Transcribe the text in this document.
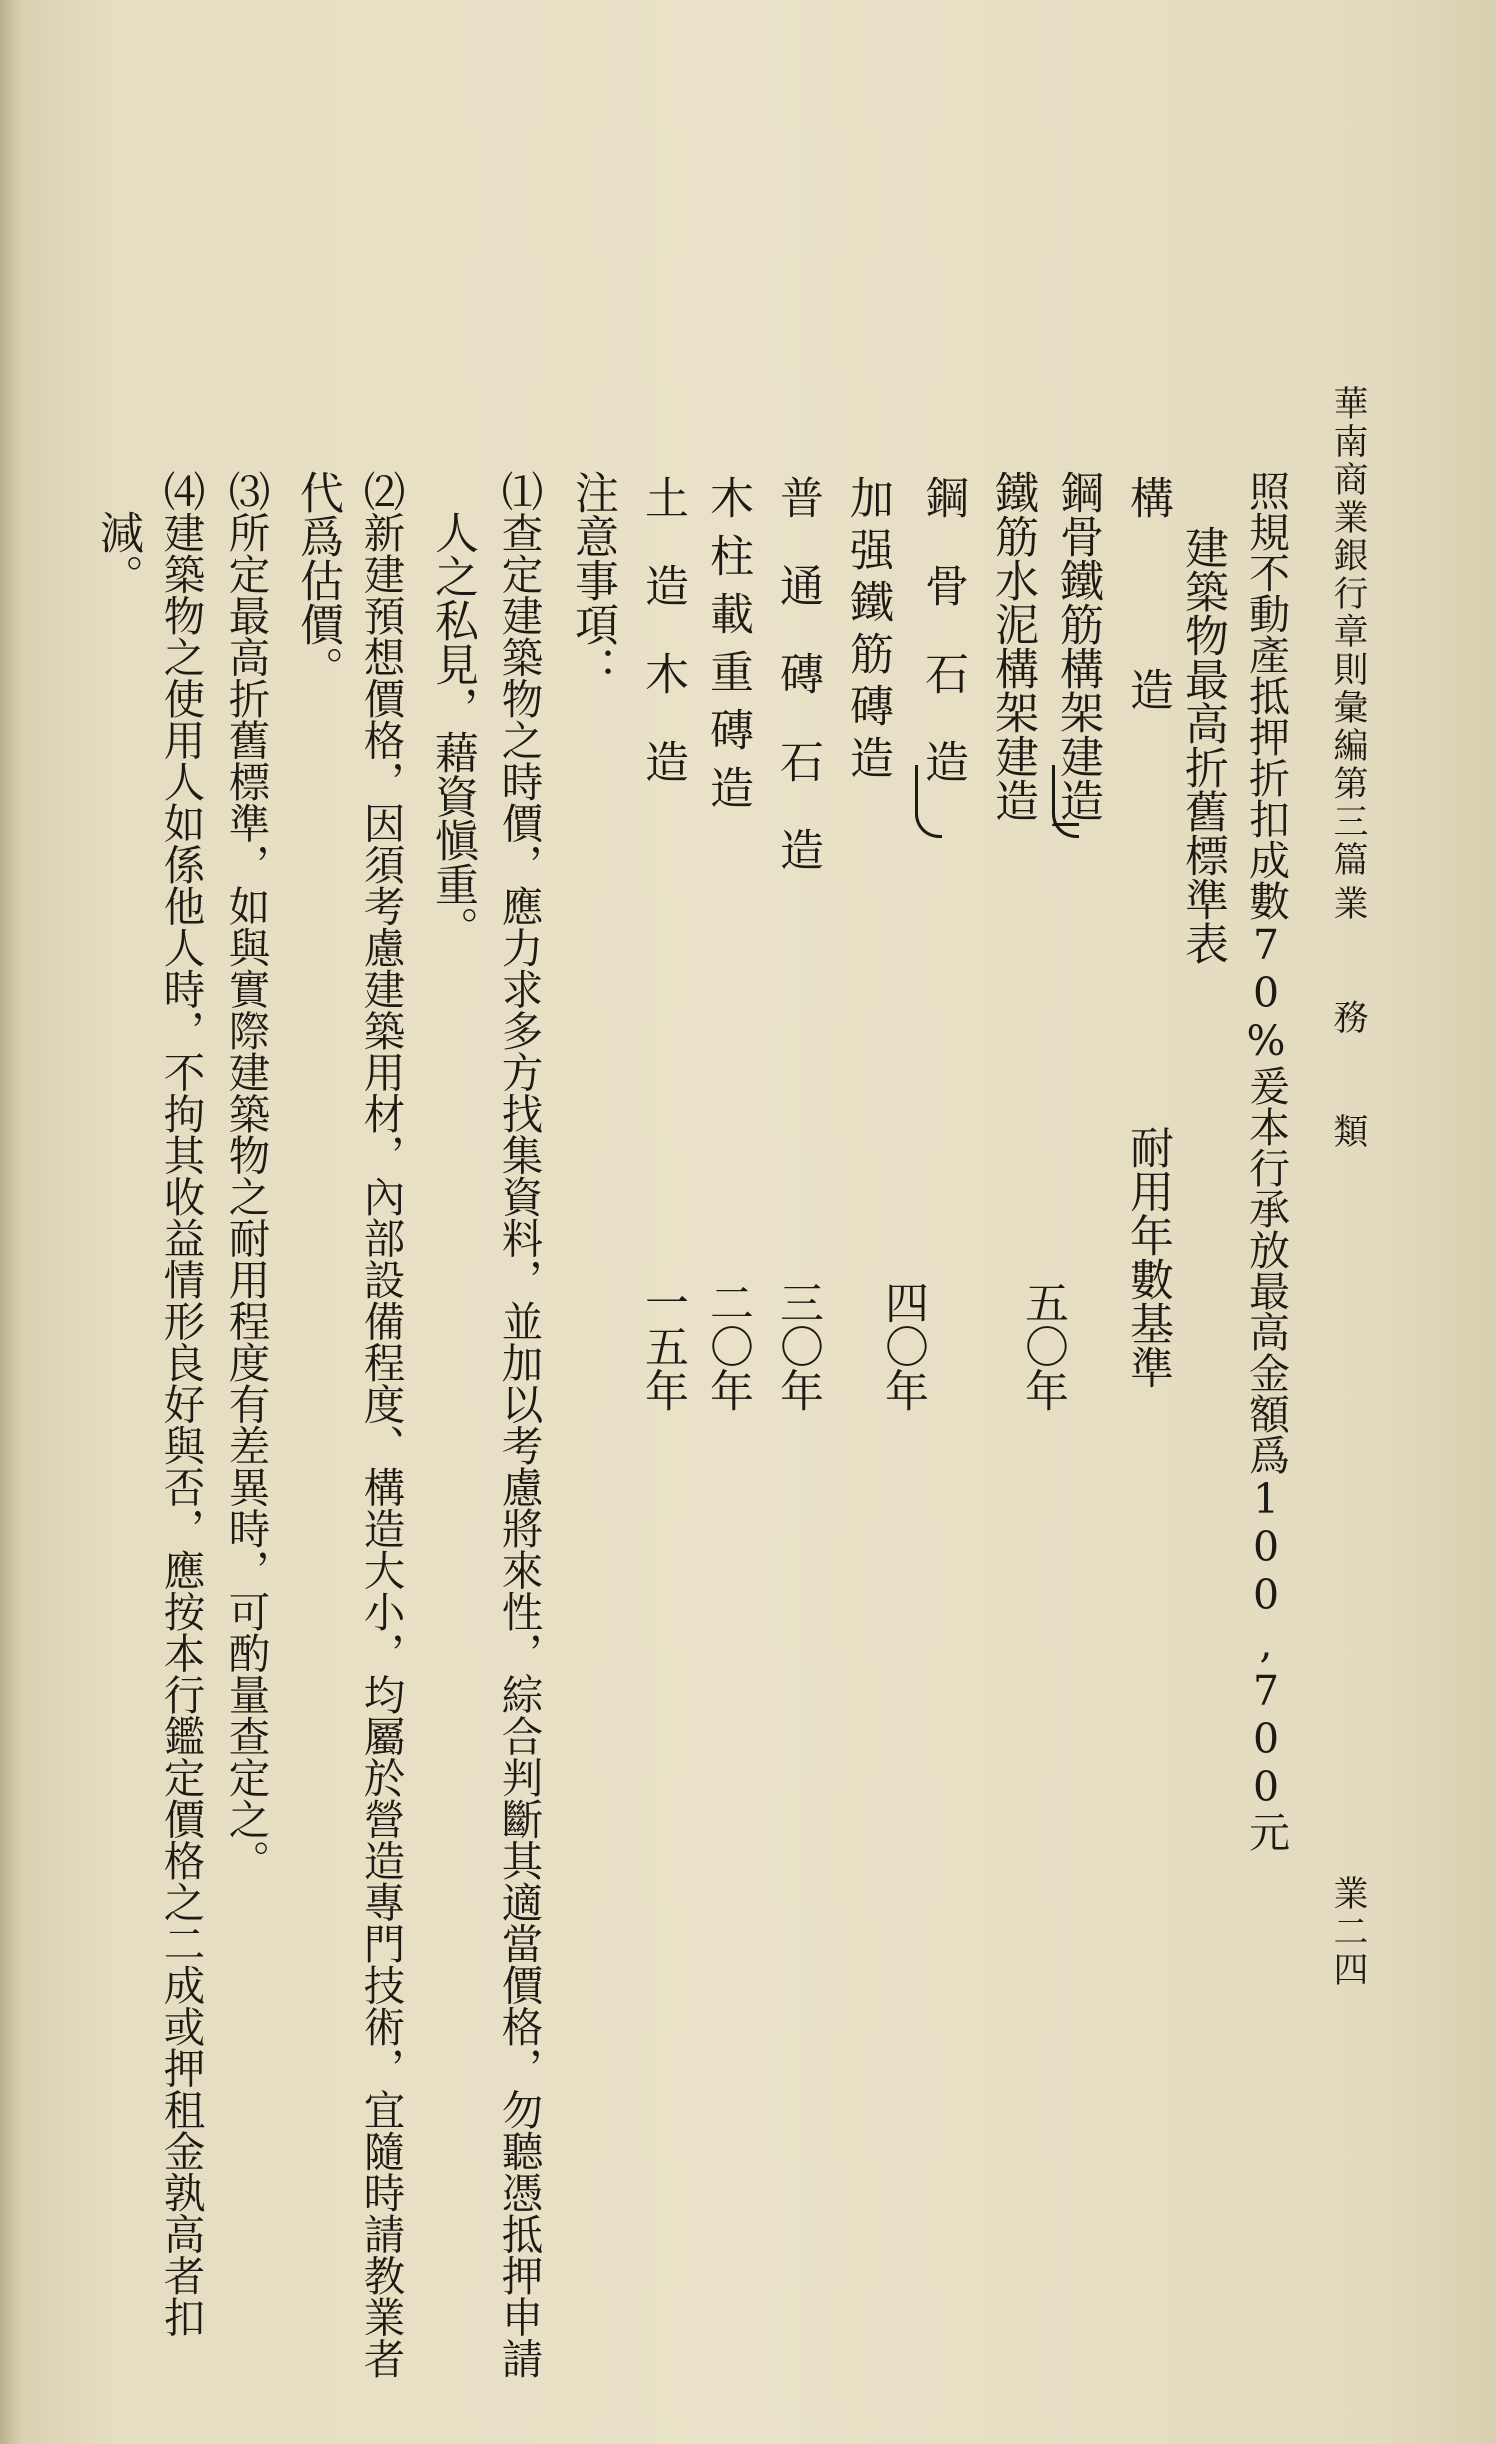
華南商業銀行章則彙編
第三篇
業　　務　　類
業二四
照規不動產抵押折扣成數70%爰本行承放最高金額爲100,700元
建築物最高折舊標準表
構　　造
耐用年數基準
鋼骨鐵筋構架建造
鐵筋水泥構架建造
鋼　骨　石　造
加强鐵筋磚造
普　通　磚　石　造
木柱載重磚造
土　造　木　造
五〇年
四〇年
三〇年
二〇年
一五年
注意事項：
⑴查定建築物之時價，應力求多方找集資料，並加以考慮將來性，綜合判斷其適當價格，勿聽憑抵押申請
人之私見，藉資愼重。
⑵新建預想價格，因須考慮建築用材，內部設備程度、構造大小，均屬於營造專門技術，宜隨時請教業者
代爲估價。
⑶所定最高折舊標準，如與實際建築物之耐用程度有差異時，可酌量查定之。
⑷建築物之使用人如係他人時，不拘其收益情形良好與否，應按本行鑑定價格之二成或押租金孰高者扣
減。
